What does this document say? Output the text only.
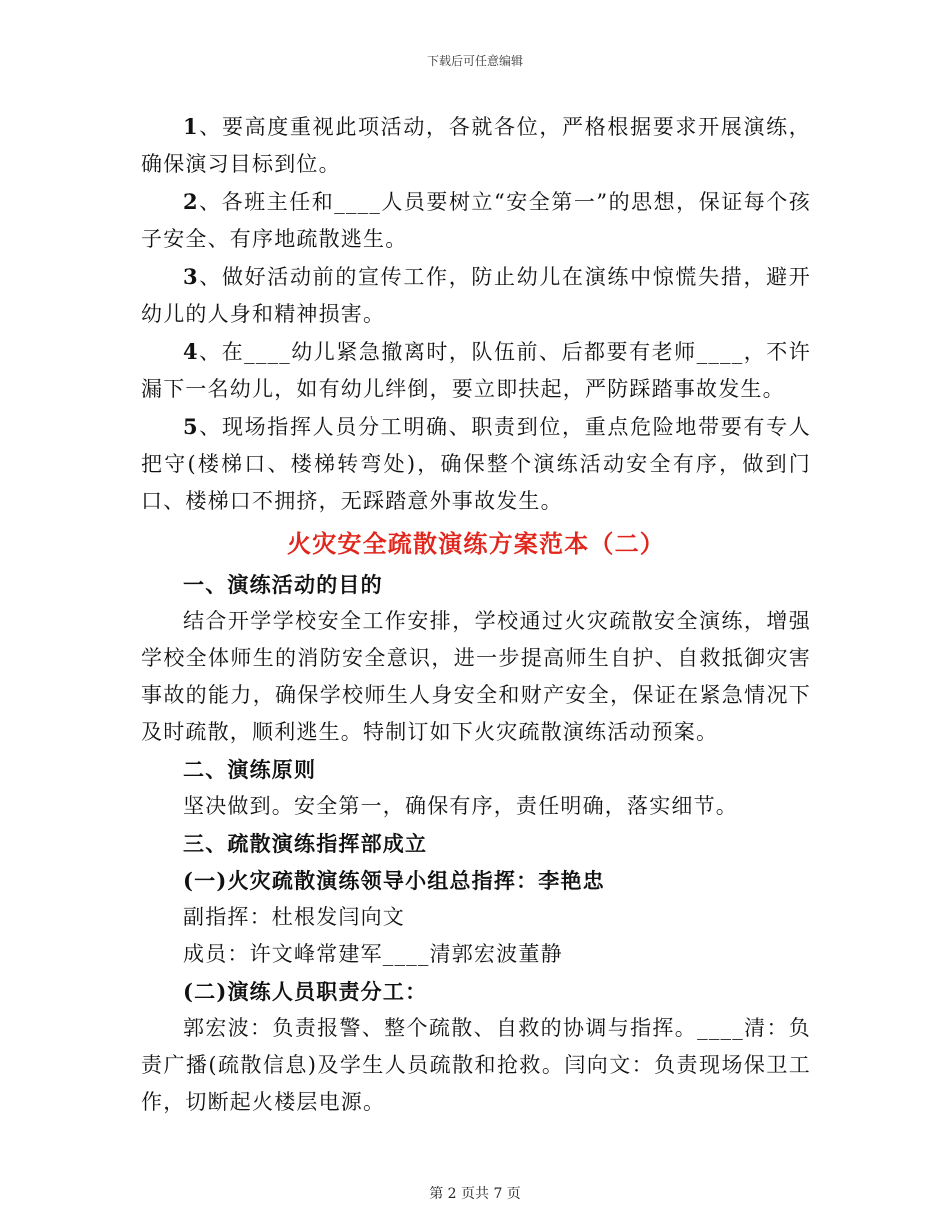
下载后可任意编辑

1、要高度重视此项活动，各就各位，严格根据要求开展演练，确保演习目标到位。

2、各班主任和____人员要树立“安全第一”的思想，保证每个孩子安全、有序地疏散逃生。

3、做好活动前的宣传工作，防止幼儿在演练中惊慌失措，避开幼儿的人身和精神损害。

4、在____幼儿紧急撤离时，队伍前、后都要有老师____，不许漏下一名幼儿，如有幼儿绊倒，要立即扶起，严防踩踏事故发生。

5、现场指挥人员分工明确、职责到位，重点危险地带要有专人把守(楼梯口、楼梯转弯处)，确保整个演练活动安全有序，做到门口、楼梯口不拥挤，无踩踏意外事故发生。

火灾安全疏散演练方案范本（二）

一、演练活动的目的

结合开学学校安全工作安排，学校通过火灾疏散安全演练，增强学校全体师生的消防安全意识，进一步提高师生自护、自救抵御灾害事故的能力，确保学校师生人身安全和财产安全，保证在紧急情况下及时疏散，顺利逃生。特制订如下火灾疏散演练活动预案。

二、演练原则

坚决做到。安全第一，确保有序，责任明确，落实细节。

三、疏散演练指挥部成立

(一)火灾疏散演练领导小组总指挥：李艳忠

副指挥：杜根发闫向文

成员：许文峰常建军____清郭宏波董静

(二)演练人员职责分工：

郭宏波：负责报警、整个疏散、自救的协调与指挥。____清：负责广播(疏散信息)及学生人员疏散和抢救。闫向文：负责现场保卫工作，切断起火楼层电源。

第 2 页共 7 页
